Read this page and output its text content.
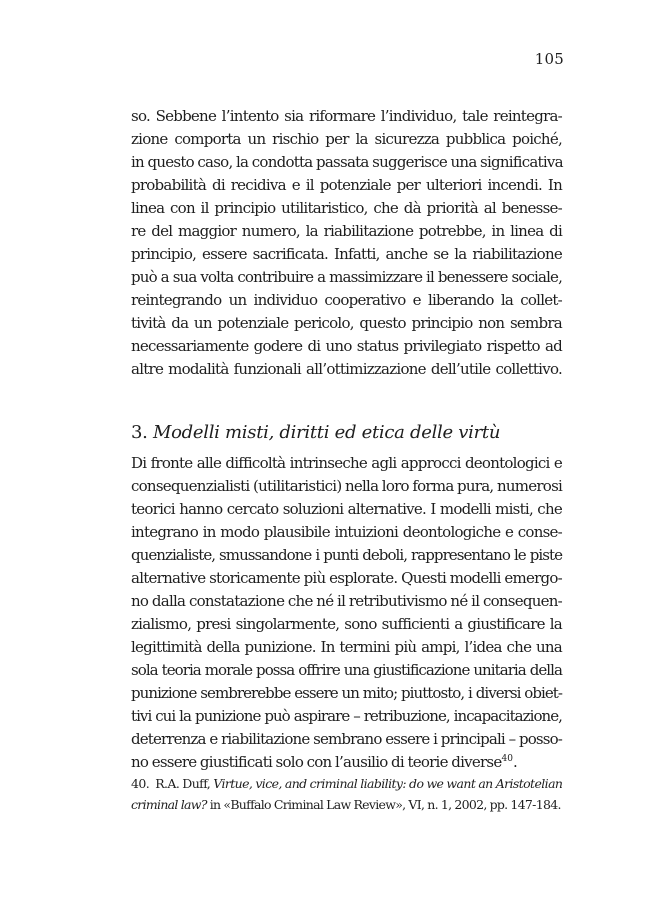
105
so. Sebbene l’intento sia riformare l’individuo, tale reintegra-
zione comporta un rischio per la sicurezza pubblica poiché,
in questo caso, la condotta passata suggerisce una significativa
probabilità di recidiva e il potenziale per ulteriori incendi. In
linea con il principio utilitaristico, che dà priorità al benesse-
re del maggior numero, la riabilitazione potrebbe, in linea di
principio, essere sacrificata. Infatti, anche se la riabilitazione
può a sua volta contribuire a massimizzare il benessere sociale,
reintegrando un individuo cooperativo e liberando la collet-
tività da un potenziale pericolo, questo principio non sembra
necessariamente godere di uno status privilegiato rispetto ad
altre modalità funzionali all’ottimizzazione dell’utile collettivo.
3. Modelli misti, diritti ed etica delle virtù
Di fronte alle difficoltà intrinseche agli approcci deontologici e
consequenzialisti (utilitaristici) nella loro forma pura, numerosi
teorici hanno cercato soluzioni alternative. I modelli misti, che
integrano in modo plausibile intuizioni deontologiche e conse-
quenzialiste, smussandone i punti deboli, rappresentano le piste
alternative storicamente più esplorate. Questi modelli emergo-
no dalla constatazione che né il retributivismo né il consequen-
zialismo, presi singolarmente, sono sufficienti a giustificare la
legittimità della punizione. In termini più ampi, l’idea che una
sola teoria morale possa offrire una giustificazione unitaria della
punizione sembrerebbe essere un mito; piuttosto, i diversi obiet-
tivi cui la punizione può aspirare – retribuzione, incapacitazione,
deterrenza e riabilitazione sembrano essere i principali – posso-
no essere giustificati solo con l’ausilio di teorie diverse$^{40}$.
40. R.A. Duff, Virtue, vice, and criminal liability: do we want an Aristotelian
criminal law? in «Buffalo Criminal Law Review», VI, n. 1, 2002, pp. 147-184.
